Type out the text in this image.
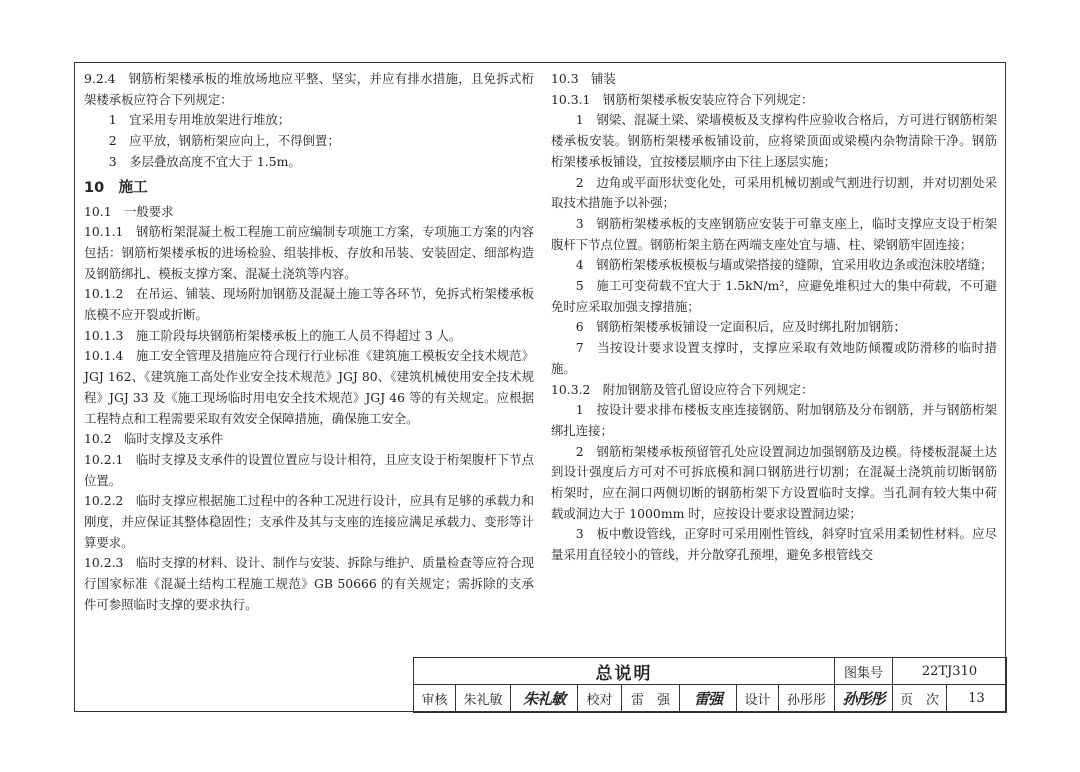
9.2.4　钢筋桁架楼承板的堆放场地应平整、坚实，并应有排水措施，且免拆式桁架楼承板应符合下列规定：

1　宜采用专用堆放架进行堆放；

2　应平放，钢筋桁架应向上，不得倒置；

3　多层叠放高度不宜大于 1.5m。

10　施工

10.1　一般要求

10.1.1　钢筋桁架混凝土板工程施工前应编制专项施工方案，专项施工方案的内容包括：钢筋桁架楼承板的进场检验、组装排板、存放和吊装、安装固定、细部构造及钢筋绑扎、模板支撑方案、混凝土浇筑等内容。

10.1.2　在吊运、铺装、现场附加钢筋及混凝土施工等各环节，免拆式桁架楼承板底模不应开裂或折断。

10.1.3　施工阶段每块钢筋桁架楼承板上的施工人员不得超过 3 人。

10.1.4　施工安全管理及措施应符合现行行业标准《建筑施工模板安全技术规范》JGJ 162、《建筑施工高处作业安全技术规范》JGJ 80、《建筑机械使用安全技术规程》JGJ 33 及《施工现场临时用电安全技术规范》JGJ 46 等的有关规定。应根据工程特点和工程需要采取有效安全保障措施，确保施工安全。

10.2　临时支撑及支承件

10.2.1　临时支撑及支承件的设置位置应与设计相符，且应支设于桁架腹杆下节点位置。

10.2.2　临时支撑应根据施工过程中的各种工况进行设计，应具有足够的承载力和刚度，并应保证其整体稳固性；支承件及其与支座的连接应满足承载力、变形等计算要求。

10.2.3　临时支撑的材料、设计、制作与安装、拆除与维护、质量检查等应符合现行国家标准《混凝土结构工程施工规范》GB 50666 的有关规定；需拆除的支承件可参照临时支撑的要求执行。

10.3　铺装

10.3.1　钢筋桁架楼承板安装应符合下列规定：

1　钢梁、混凝土梁、梁墙模板及支撑构件应验收合格后，方可进行钢筋桁架楼承板安装。钢筋桁架楼承板铺设前，应将梁顶面或梁模内杂物清除干净。钢筋桁架楼承板铺设，宜按楼层顺序由下往上逐层实施；

2　边角或平面形状变化处，可采用机械切割或气割进行切割，并对切割处采取技术措施予以补强；

3　钢筋桁架楼承板的支座钢筋应安装于可靠支座上，临时支撑应支设于桁架腹杆下节点位置。钢筋桁架主筋在两端支座处宜与墙、柱、梁钢筋牢固连接；

4　钢筋桁架楼承板模板与墙或梁搭接的缝隙，宜采用收边条或泡沫胶堵缝；

5　施工可变荷载不宜大于 1.5kN/m²，应避免堆积过大的集中荷载，不可避免时应采取加强支撑措施；

6　钢筋桁架楼承板铺设一定面积后，应及时绑扎附加钢筋；

7　当按设计要求设置支撑时，支撑应采取有效地防倾覆或防滑移的临时措施。

10.3.2　附加钢筋及管孔留设应符合下列规定：

1　按设计要求排布楼板支座连接钢筋、附加钢筋及分布钢筋，并与钢筋桁架绑扎连接；

2　钢筋桁架楼承板预留管孔处应设置洞边加强钢筋及边模。待楼板混凝土达到设计强度后方可对不可拆底模和洞口钢筋进行切割；在混凝土浇筑前切断钢筋桁架时，应在洞口两侧切断的钢筋桁架下方设置临时支撑。当孔洞有较大集中荷载或洞边大于 1000mm 时，应按设计要求设置洞边梁；

3　板中敷设管线，正穿时可采用刚性管线，斜穿时宜采用柔韧性材料。应尽量采用直径较小的管线，并分散穿孔预埋，避免多根管线交

总说明								图集号	22TJ310	
审核	朱礼敏	朱礼敏	校对	雷　强	雷强	设计	孙彤彤	孙彤彤	页　次	13
